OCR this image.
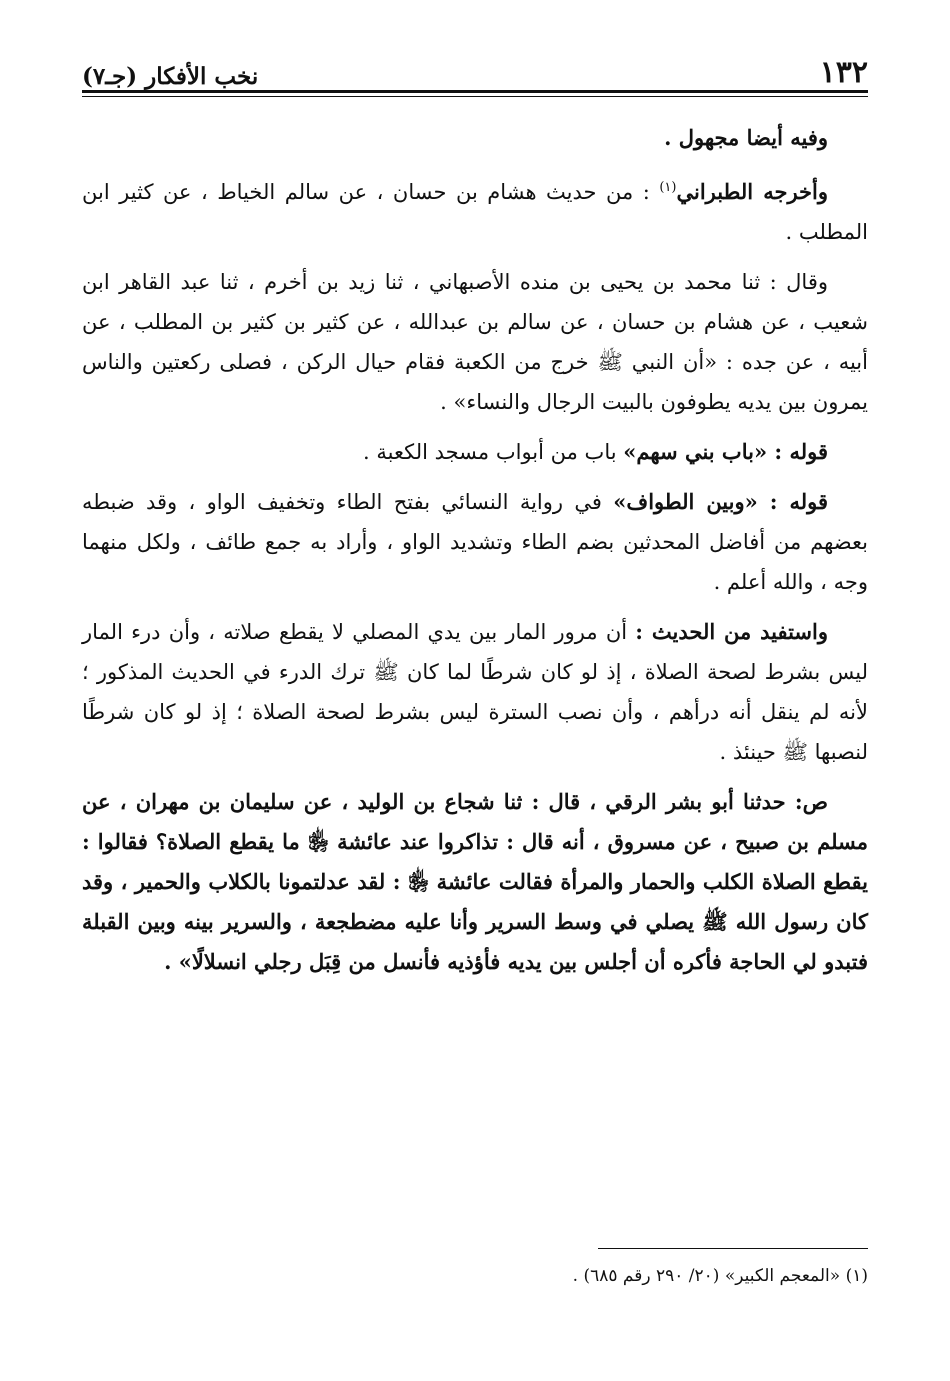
١٣٢
نخب الأفكار (جـ٧)

وفيه أيضا مجهول .

وأخرجه الطبراني$^{(١)}$ : من حديث هشام بن حسان ، عن سالم الخياط ، عن كثير ابن المطلب .

وقال : ثنا محمد بن يحيى بن منده الأصبهاني ، ثنا زيد بن أخرم ، ثنا عبد القاهر ابن شعيب ، عن هشام بن حسان ، عن سالم بن عبدالله ، عن كثير بن كثير بن المطلب ، عن أبيه ، عن جده : «أن النبي ﷺ خرج من الكعبة فقام حيال الركن ، فصلى ركعتين والناس يمرون بين يديه يطوفون بالبيت الرجال والنساء» .

قوله : «باب بني سهم» باب من أبواب مسجد الكعبة .

قوله : «وبين الطواف» في رواية النسائي بفتح الطاء وتخفيف الواو ، وقد ضبطه بعضهم من أفاضل المحدثين بضم الطاء وتشديد الواو ، وأراد به جمع طائف ، ولكل منهما وجه ، والله أعلم .

واستفيد من الحديث : أن مرور المار بين يدي المصلي لا يقطع صلاته ، وأن درء المار ليس بشرط لصحة الصلاة ، إذ لو كان شرطًا لما كان ﷺ ترك الدرء في الحديث المذكور ؛ لأنه لم ينقل أنه درأهم ، وأن نصب السترة ليس بشرط لصحة الصلاة ؛ إذ لو كان شرطًا لنصبها ﷺ حينئذ .

ص: حدثنا أبو بشر الرقي ، قال : ثنا شجاع بن الوليد ، عن سليمان بن مهران ، عن مسلم بن صبيح ، عن مسروق ، أنه قال : تذاكروا عند عائشة ﵂ ما يقطع الصلاة؟ فقالوا : يقطع الصلاة الكلب والحمار والمرأة فقالت عائشة ﵂ : لقد عدلتمونا بالكلاب والحمير ، وقد كان رسول الله ﷺ يصلي في وسط السرير وأنا عليه مضطجعة ، والسرير بينه وبين القبلة فتبدو لي الحاجة فأكره أن أجلس بين يديه فأؤذيه فأنسل من قِبَل رجلي انسلالًا» .

(١) «المعجم الكبير» (٢٠/ ٢٩٠ رقم ٦٨٥) .
